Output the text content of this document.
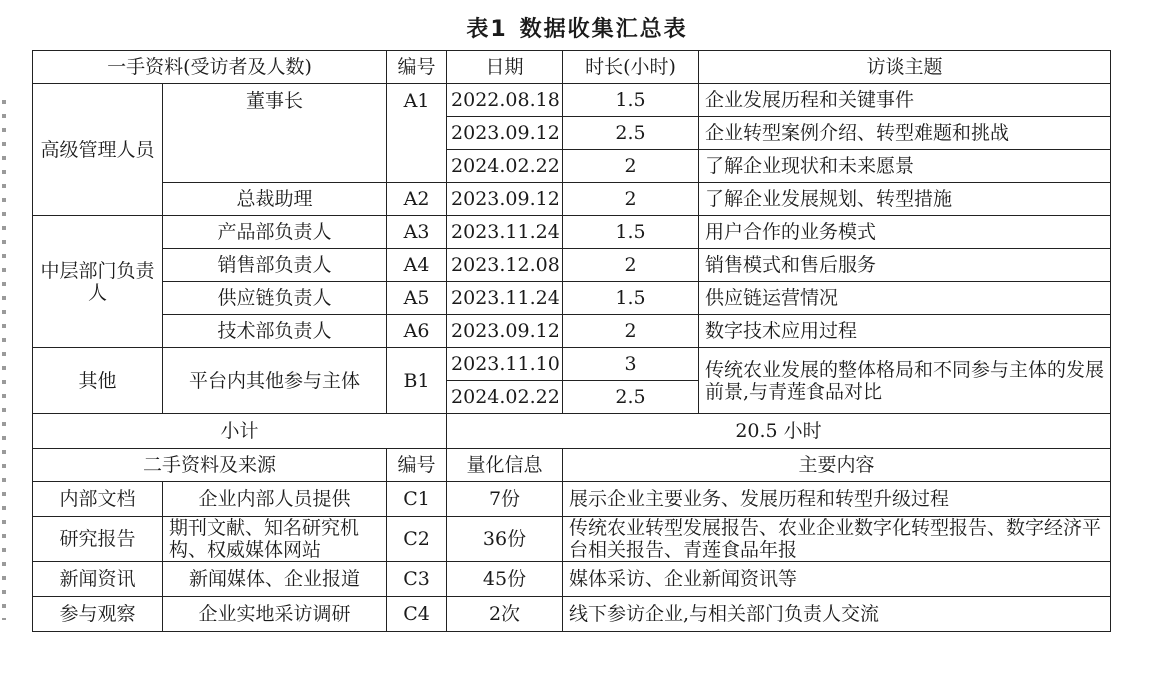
表1 数据收集汇总表
一手资料(受访者及人数)		编号	日期	时长(小时)	访谈主题
高级管理人员	董事长	A1	2022.08.18	1.5	企业发展历程和关键事件
			2023.09.12	2.5	企业转型案例介绍、转型难题和挑战
			2024.02.22	2	了解企业现状和未来愿景
	总裁助理	A2	2023.09.12	2	了解企业发展规划、转型措施
中层部门负责人	产品部负责人	A3	2023.11.24	1.5	用户合作的业务模式
	销售部负责人	A4	2023.12.08	2	销售模式和售后服务
	供应链负责人	A5	2023.11.24	1.5	供应链运营情况
	技术部负责人	A6	2023.09.12	2	数字技术应用过程
其他	平台内其他参与主体	B1	2023.11.10	3	传统农业发展的整体格局和不同参与主体的发展前景,与青莲食品对比
			2024.02.22	2.5	
小计			20.5 小时		
二手资料及来源		编号	量化信息	主要内容	
内部文档	企业内部人员提供	C1	7份	展示企业主要业务、发展历程和转型升级过程	
研究报告	期刊文献、知名研究机构、权威媒体网站	C2	36份	传统农业转型发展报告、农业企业数字化转型报告、数字经济平台相关报告、青莲食品年报	
新闻资讯	新闻媒体、企业报道	C3	45份	媒体采访、企业新闻资讯等	
参与观察	企业实地采访调研	C4	2次	线下参访企业,与相关部门负责人交流	
